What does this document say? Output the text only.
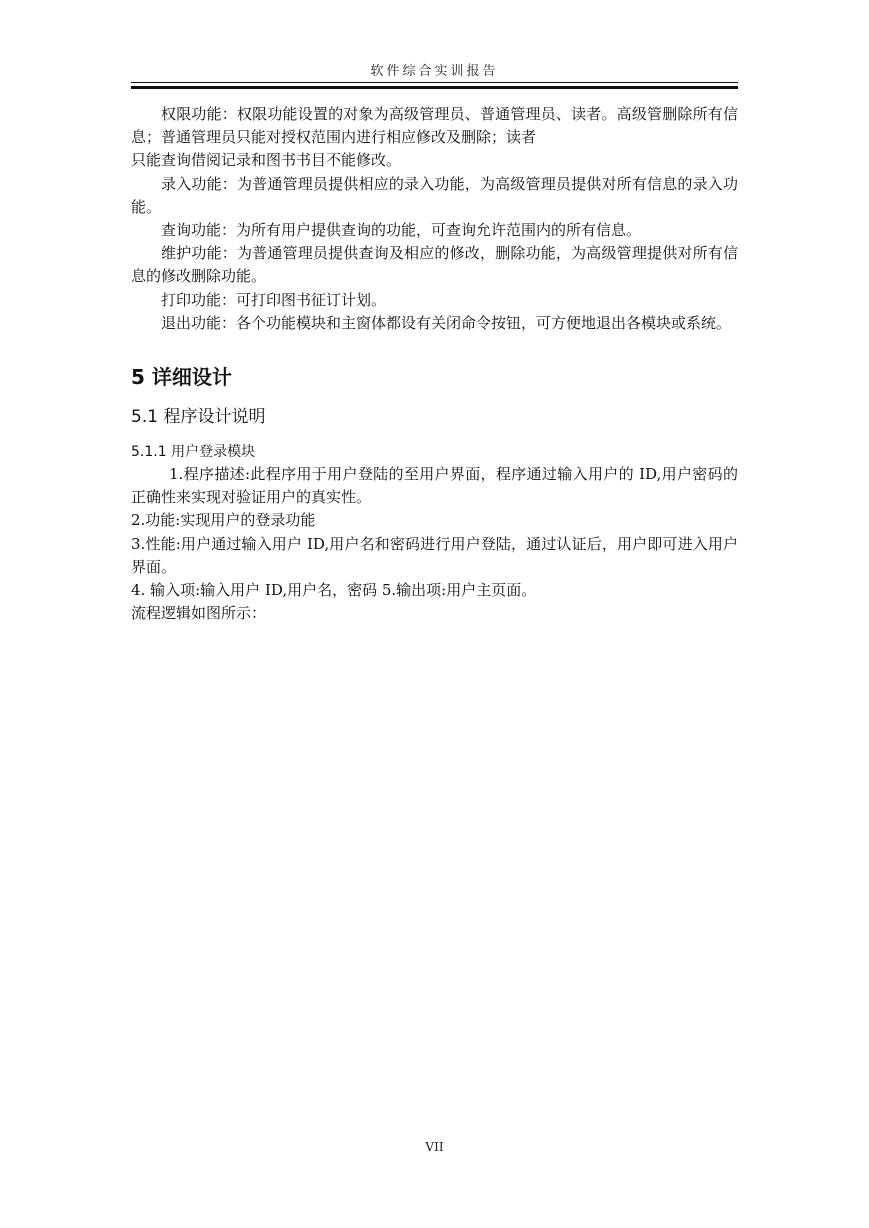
软件综合实训报告

权限功能：权限功能设置的对象为高级管理员、普通管理员、读者。高级管删除所有信息；普通管理员只能对授权范围内进行相应修改及删除；读者

只能查询借阅记录和图书书目不能修改。

录入功能：为普通管理员提供相应的录入功能，为高级管理员提供对所有信息的录入功能。

查询功能：为所有用户提供查询的功能，可查询允许范围内的所有信息。

维护功能：为普通管理员提供查询及相应的修改，删除功能，为高级管理提供对所有信息的修改删除功能。

打印功能：可打印图书征订计划。

退出功能：各个功能模块和主窗体都设有关闭命令按钮，可方便地退出各模块或系统。

5 详细设计
5.1 程序设计说明
5.1.1 用户登录模块

1.程序描述:此程序用于用户登陆的至用户界面，程序通过输入用户的 ID,用户密码的正确性来实现对验证用户的真实性。

2.功能:实现用户的登录功能

3.性能:用户通过输入用户 ID,用户名和密码进行用户登陆，通过认证后，用户即可进入用户界面。

4. 输入项:输入用户 ID,用户名，密码 5.输出项:用户主页面。

流程逻辑如图所示：

VII
